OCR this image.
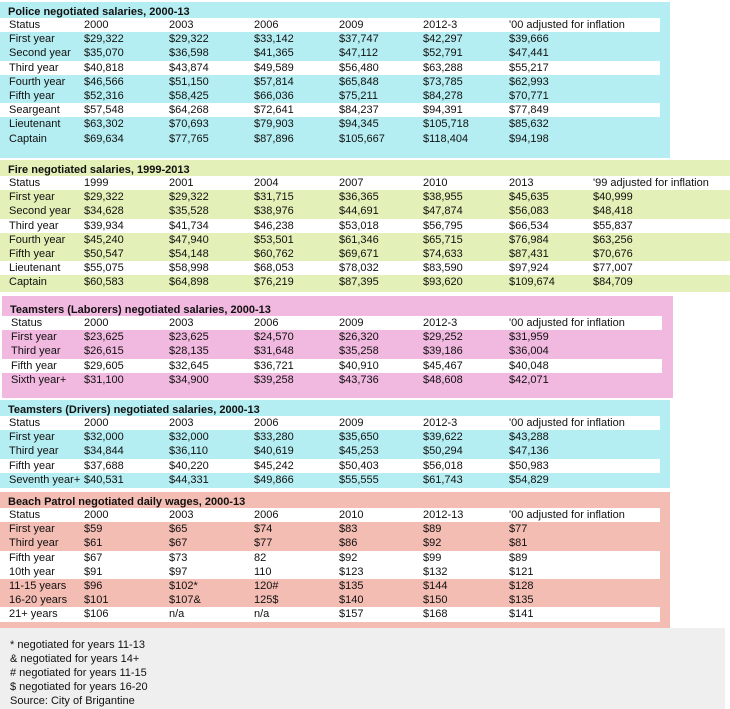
Police negotiated salaries, 2000-13
Status	2000	2003	2006	2009	2012-3	'00 adjusted for inflation
First year	$29,322	$29,322	$33,142	$37,747	$42,297	$39,666
Second year	$35,070	$36,598	$41,365	$47,112	$52,791	$47,441
Third year	$40,818	$43,874	$49,589	$56,480	$63,288	$55,217
Fourth year	$46,566	$51,150	$57,814	$65,848	$73,785	$62,993
Fifth year	$52,316	$58,425	$66,036	$75,211	$84,278	$70,771
Seargeant	$57,548	$64,268	$72,641	$84,237	$94,391	$77,849
Lieutenant	$63,302	$70,693	$79,903	$94,345	$105,718	$85,632
Captain	$69,634	$77,765	$87,896	$105,667	$118,404	$94,198
Fire negotiated salaries, 1999-2013
Status	1999	2001	2004	2007	2010	2013	'99 adjusted for inflation
First year	$29,322	$29,322	$31,715	$36,365	$38,955	$45,635	$40,999
Second year	$34,628	$35,528	$38,976	$44,691	$47,874	$56,083	$48,418
Third year	$39,934	$41,734	$46,238	$53,018	$56,795	$66,534	$55,837
Fourth year	$45,240	$47,940	$53,501	$61,346	$65,715	$76,984	$63,256
Fifth year	$50,547	$54,148	$60,762	$69,671	$74,633	$87,431	$70,676
Lieutenant	$55,075	$58,998	$68,053	$78,032	$83,590	$97,924	$77,007
Captain	$60,583	$64,898	$76,219	$87,395	$93,620	$109,674	$84,709
Teamsters (Laborers) negotiated salaries, 2000-13
Status	2000	2003	2006	2009	2012-3	'00 adjusted for inflation
First year	$23,625	$23,625	$24,570	$26,320	$29,252	$31,959
Third year	$26,615	$28,135	$31,648	$35,258	$39,186	$36,004
Fifth year	$29,605	$32,645	$36,721	$40,910	$45,467	$40,048
Sixth year+	$31,100	$34,900	$39,258	$43,736	$48,608	$42,071
Teamsters (Drivers) negotiated salaries, 2000-13
Status	2000	2003	2006	2009	2012-3	'00 adjusted for inflation
First year	$32,000	$32,000	$33,280	$35,650	$39,622	$43,288
Third year	$34,844	$36,110	$40,619	$45,253	$50,294	$47,136
Fifth year	$37,688	$40,220	$45,242	$50,403	$56,018	$50,983
Seventh year+	$40,531	$44,331	$49,866	$55,555	$61,743	$54,829
Beach Patrol negotiated daily wages, 2000-13
Status	2000	2003	2006	2010	2012-13	'00 adjusted for inflation
First year	$59	$65	$74	$83	$89	$77
Third year	$61	$67	$77	$86	$92	$81
Fifth year	$67	$73	82	$92	$99	$89
10th year	$91	$97	110	$123	$132	$121
11-15 years	$96	$102*	120#	$135	$144	$128
16-20 years	$101	$107&	125$	$140	$150	$135
21+ years	$106	n/a	n/a	$157	$168	$141
* negotiated for years 11-13
& negotiated for years 14+
# negotiated for years 11-15
$ negotiated for years 16-20
Source: City of Brigantine
